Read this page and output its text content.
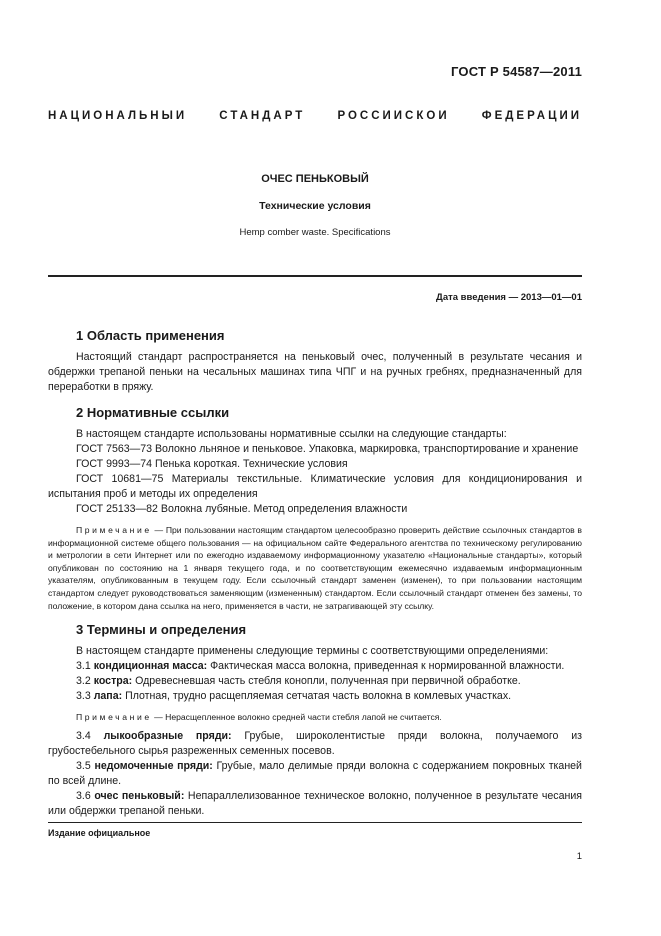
ГОСТ Р 54587—2011
НАЦИОНАЛЬНЫЙ СТАНДАРТ РОССИЙСКОЙ ФЕДЕРАЦИИ
ОЧЕС ПЕНЬКОВЫЙ
Технические условия
Hemp comber waste. Specifications
Дата введения — 2013—01—01
1 Область применения

Настоящий стандарт распространяется на пеньковый очес, полученный в результате чесания и обдержки трепаной пеньки на чесальных машинах типа ЧПГ и на ручных гребнях, предназначенный для переработки в пряжу.

2 Нормативные ссылки

В настоящем стандарте использованы нормативные ссылки на следующие стандарты:

ГОСТ 7563—73 Волокно льняное и пеньковое. Упаковка, маркировка, транспортирование и хранение

ГОСТ 9993—74 Пенька короткая. Технические условия

ГОСТ 10681—75 Материалы текстильные. Климатические условия для кондиционирования и испытания проб и методы их определения

ГОСТ 25133—82 Волокна лубяные. Метод определения влажности

Примечание — При пользовании настоящим стандартом целесообразно проверить действие ссылочных стандартов в информационной системе общего пользования — на официальном сайте Федерального агентства по техническому регулированию и метрологии в сети Интернет или по ежегодно издаваемому информационному указателю «Национальные стандарты», который опубликован по состоянию на 1 января текущего года, и по соответствующим ежемесячно издаваемым информационным указателям, опубликованным в текущем году. Если ссылочный стандарт заменен (изменен), то при пользовании настоящим стандартом следует руководствоваться заменяющим (измененным) стандартом. Если ссылочный стандарт отменен без замены, то положение, в котором дана ссылка на него, применяется в части, не затрагивающей эту ссылку.

3 Термины и определения

В настоящем стандарте применены следующие термины с соответствующими определениями:

3.1 кондиционная масса: Фактическая масса волокна, приведенная к нормированной влажности.

3.2 костра: Одревесневшая часть стебля конопли, полученная при первичной обработке.

3.3 лапа: Плотная, трудно расщепляемая сетчатая часть волокна в комлевых участках.

Примечание — Нерасщепленное волокно средней части стебля лапой не считается.

3.4 лыкообразные пряди: Грубые, широколентистые пряди волокна, получаемого из грубостебельного сырья разреженных семенных посевов.

3.5 недомоченные пряди: Грубые, мало делимые пряди волокна с содержанием покровных тканей по всей длине.

3.6 очес пеньковый: Непараллелизованное техническое волокно, полученное в результате чесания или обдержки трепаной пеньки.

Издание официальное
1
